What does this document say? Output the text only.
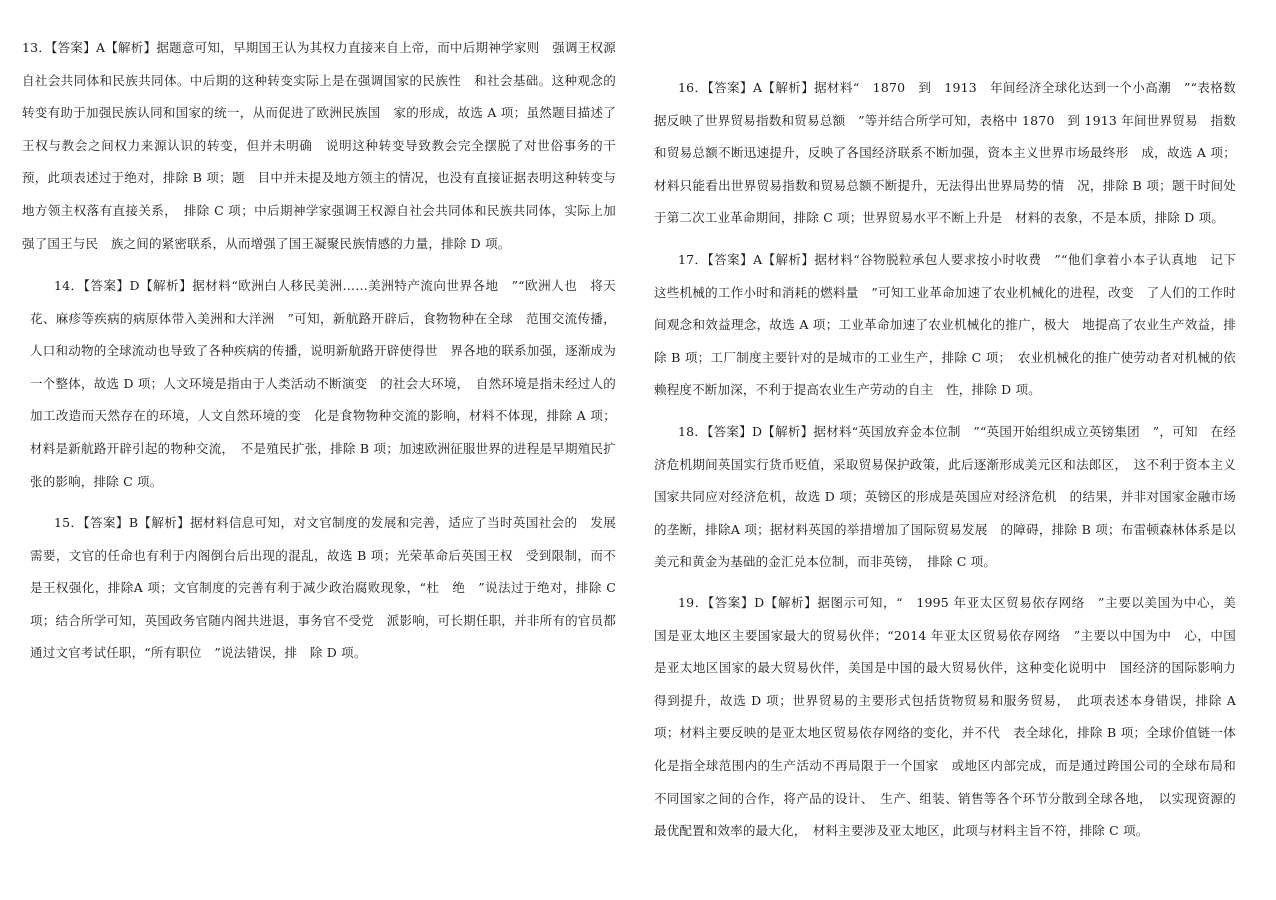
13．【答案】A【解析】据题意可知，早期国王认为其权力直接来自上帝，而中后期神学家则　强调王权源自社会共同体和民族共同体。中后期的这种转变实际上是在强调国家的民族性　和社会基础。这种观念的转变有助于加强民族认同和国家的统一，从而促进了欧洲民族国　家的形成，故选 A 项；虽然题目描述了王权与教会之间权力来源认识的转变，但并未明确　说明这种转变导致教会完全摆脱了对世俗事务的干预，此项表述过于绝对，排除 B 项；题　目中并未提及地方领主的情况，也没有直接证据表明这种转变与地方领主权落有直接关系，　排除 C 项；中后期神学家强调王权源自社会共同体和民族共同体，实际上加强了国王与民　族之间的紧密联系，从而增强了国王凝聚民族情感的力量，排除 D 项。
14．【答案】D【解析】据材料“欧洲白人移民美洲……美洲特产流向世界各地　”“欧洲人也　将天花、麻疹等疾病的病原体带入美洲和大洋洲　”可知，新航路开辟后，食物物种在全球　范围交流传播，人口和动物的全球流动也导致了各种疾病的传播，说明新航路开辟使得世　界各地的联系加强，逐渐成为一个整体，故选 D 项；人文环境是指由于人类活动不断演变　的社会大环境，　自然环境是指未经过人的加工改造而天然存在的环境，人文自然环境的变　化是食物物种交流的影响，材料不体现，排除 A 项；材料是新航路开辟引起的物种交流，　不是殖民扩张，排除 B 项；加速欧洲征服世界的进程是早期殖民扩张的影响，排除 C 项。
15．【答案】B【解析】据材料信息可知，对文官制度的发展和完善，适应了当时英国社会的　发展需要，文官的任命也有利于内阁倒台后出现的混乱，故选 B 项；光荣革命后英国王权　受到限制，而不是王权强化，排除A 项；文官制度的完善有利于减少政治腐败现象，“杜　绝　”说法过于绝对，排除 C 项；结合所学可知，英国政务官随内阁共进退，事务官不受党　派影响，可长期任职，并非所有的官员都通过文官考试任职，“所有职位　”说法错误，排　除 D 项。
16．【答案】A【解析】据材料“　1870　到　1913　年间经济全球化达到一个小高潮　”“表格数据反映了世界贸易指数和贸易总额　”等并结合所学可知，表格中 1870　到 1913 年间世界贸易　指数和贸易总额不断迅速提升，反映了各国经济联系不断加强，资本主义世界市场最终形　成，故选 A 项；材料只能看出世界贸易指数和贸易总额不断提升，无法得出世界局势的情　况，排除 B 项；题干时间处于第二次工业革命期间，排除 C 项；世界贸易水平不断上升是　材料的表象，不是本质，排除 D 项。
17．【答案】A【解析】据材料“谷物脱粒承包人要求按小时收费　”“他们拿着小本子认真地　记下这些机械的工作小时和消耗的燃料量　”可知工业革命加速了农业机械化的进程，改变　了人们的工作时间观念和效益理念，故选 A 项；工业革命加速了农业机械化的推广，极大　地提高了农业生产效益，排除 B 项；工厂制度主要针对的是城市的工业生产，排除 C 项；　农业机械化的推广使劳动者对机械的依赖程度不断加深，不利于提高农业生产劳动的自主　性，排除 D 项。
18．【答案】D【解析】据材料“英国放弃金本位制　”“英国开始组织成立英镑集团　”，可知　在经济危机期间英国实行货币贬值，采取贸易保护政策，此后逐渐形成美元区和法郎区，　这不利于资本主义国家共同应对经济危机，故选 D 项；英镑区的形成是英国应对经济危机　的结果，并非对国家金融市场的垄断，排除A 项；据材料英国的举措增加了国际贸易发展　的障碍，排除 B 项；布雷顿森林体系是以美元和黄金为基础的金汇兑本位制，而非英镑，　排除 C 项。
19．【答案】D【解析】据图示可知，“　1995 年亚太区贸易依存网络　”主要以美国为中心，美　国是亚太地区主要国家最大的贸易伙伴；“2014 年亚太区贸易依存网络　”主要以中国为中　心，中国是亚太地区国家的最大贸易伙伴，美国是中国的最大贸易伙伴，这种变化说明中　国经济的国际影响力得到提升，故选 D 项；世界贸易的主要形式包括货物贸易和服务贸易，　此项表述本身错误，排除 A 项；材料主要反映的是亚太地区贸易依存网络的变化，并不代　表全球化，排除 B 项；全球价值链一体化是指全球范围内的生产活动不再局限于一个国家　或地区内部完成，而是通过跨国公司的全球布局和不同国家之间的合作，将产品的设计、　生产、组装、销售等各个环节分散到全球各地，　以实现资源的最优配置和效率的最大化，　材料主要涉及亚太地区，此项与材料主旨不符，排除 C 项。
